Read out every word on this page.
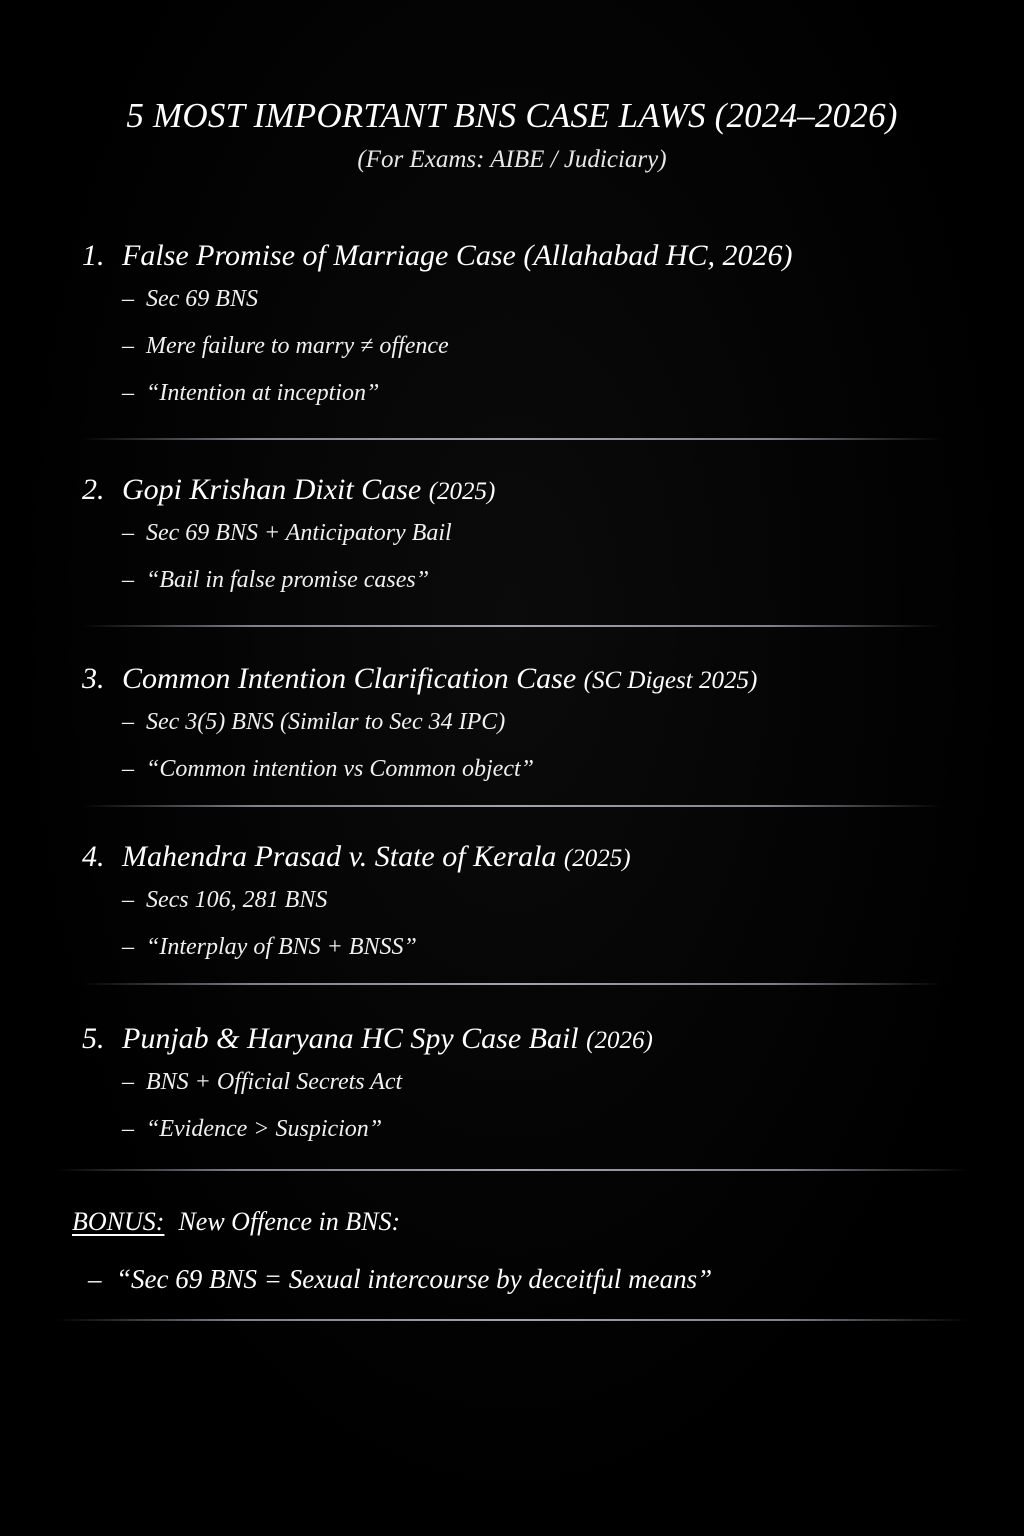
5 MOST IMPORTANT BNS CASE LAWS (2024–2026)
(For Exams: AIBE / Judiciary)
1. False Promise of Marriage Case (Allahabad HC, 2026)
– Sec 69 BNS
– Mere failure to marry ≠ offence
– “Intention at inception”
2. Gopi Krishan Dixit Case (2025)
– Sec 69 BNS + Anticipatory Bail
– “Bail in false promise cases”
3. Common Intention Clarification Case (SC Digest 2025)
– Sec 3(5) BNS (Similar to Sec 34 IPC)
– “Common intention vs Common object”
4. Mahendra Prasad v. State of Kerala (2025)
– Secs 106, 281 BNS
– “Interplay of BNS + BNSS”
5. Punjab & Haryana HC Spy Case Bail (2026)
– BNS + Official Secrets Act
– “Evidence > Suspicion”
BONUS: New Offence in BNS:
– “Sec 69 BNS = Sexual intercourse by deceitful means”
